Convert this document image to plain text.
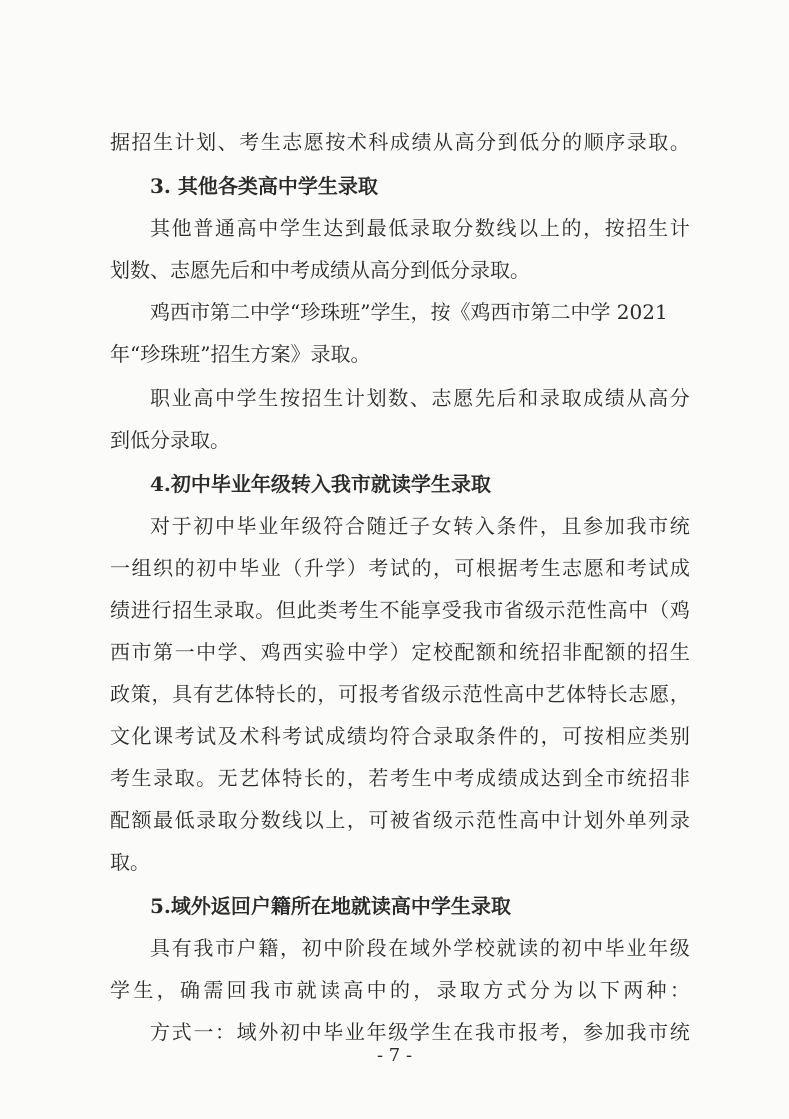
据 招 生 计 划 、 考 生 志 愿 按 术 科 成 绩 从 高 分 到 低 分 的 顺 序 录 取 。
3. 其他各类高中学生录取
其 他 普 通 高 中 学 生 达 到 最 低 录 取 分 数 线 以 上 的 ， 按 招 生 计
划数、志愿先后和中考成绩从高分到低分录取。
鸡西市第二中学“珍珠班”学生，按《鸡西市第二中学 2021
年“珍珠班”招生方案》录取。
职 业 高 中 学 生 按 招 生 计 划 数 、 志 愿 先 后 和 录 取 成 绩 从 高 分
到低分录取。
4.初中毕业年级转入我市就读学生录取
对 于 初 中 毕 业 年 级 符 合 随 迁 子 女 转 入 条 件 ， 且 参 加 我 市 统
一 组 织 的 初 中 毕 业 （ 升 学 ） 考 试 的 ， 可 根 据 考 生 志 愿 和 考 试 成
绩 进 行 招 生 录 取 。 但 此 类 考 生 不 能 享 受 我 市 省 级 示 范 性 高 中 （ 鸡
西 市 第 一 中 学 、 鸡 西 实 验 中 学 ） 定 校 配 额 和 统 招 非 配 额 的 招 生
政 策 ， 具 有 艺 体 特 长 的 ， 可 报 考 省 级 示 范 性 高 中 艺 体 特 长 志 愿 ，
文 化 课 考 试 及 术 科 考 试 成 绩 均 符 合 录 取 条 件 的 ， 可 按 相 应 类 别
考 生 录 取 。 无 艺 体 特 长 的 ， 若 考 生 中 考 成 绩 成 达 到 全 市 统 招 非
配 额 最 低 录 取 分 数 线 以 上 ， 可 被 省 级 示 范 性 高 中 计 划 外 单 列 录
取。
5.域外返回户籍所在地就读高中学生录取
具 有 我 市 户 籍 ， 初 中 阶 段 在 域 外 学 校 就 读 的 初 中 毕 业 年 级
学 生 ， 确 需 回 我 市 就 读 高 中 的 ， 录 取 方 式 分 为 以 下 两 种 ：
方 式 一 ： 域 外 初 中 毕 业 年 级 学 生 在 我 市 报 考 ， 参 加 我 市 统
- 7 -
